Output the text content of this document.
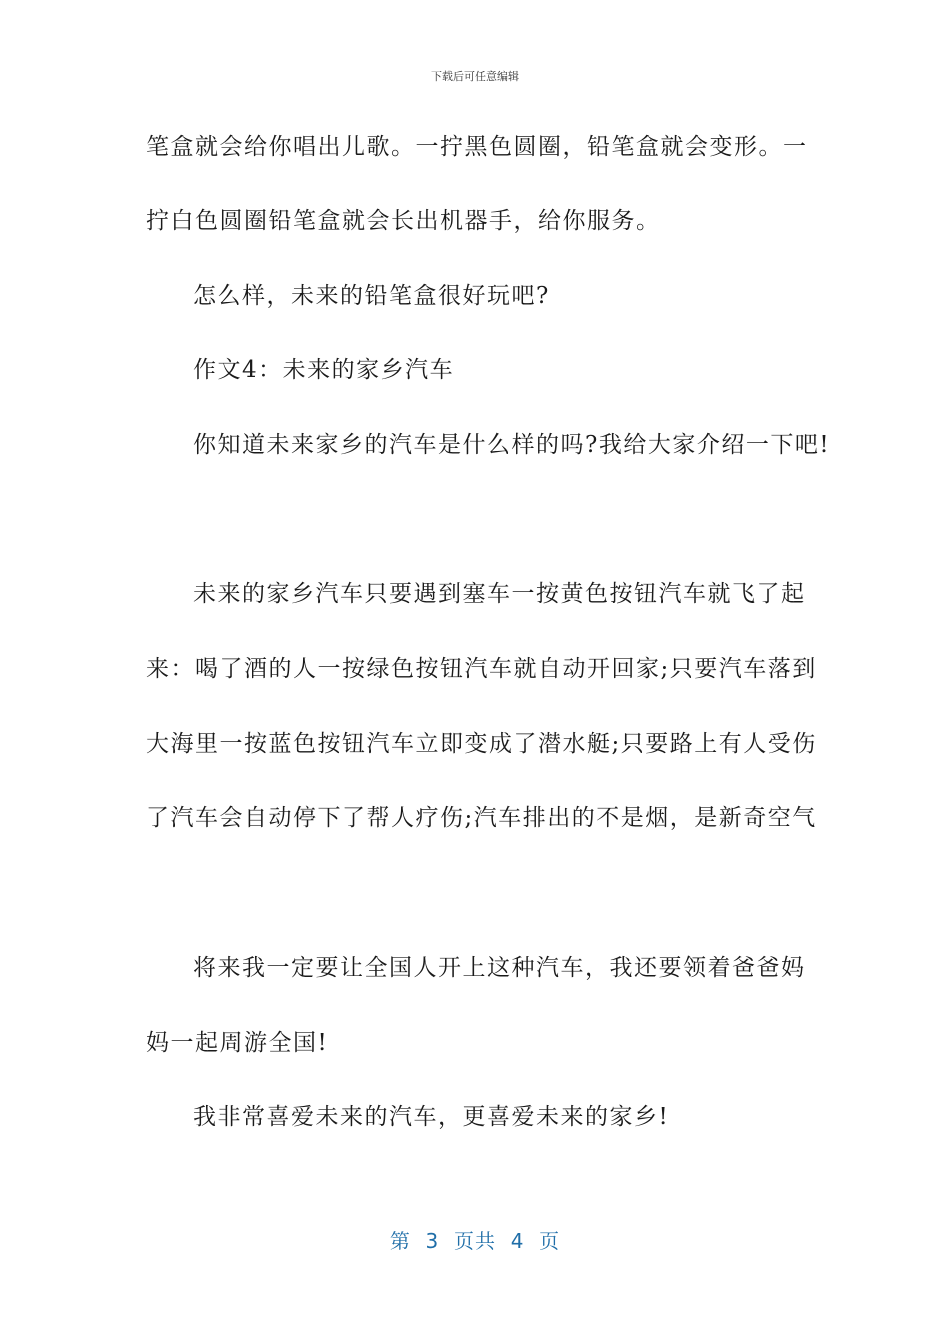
下载后可任意编辑
笔盒就会给你唱出儿歌。一拧黑色圆圈，铅笔盒就会变形。一
拧白色圆圈铅笔盒就会长出机器手，给你服务。
怎么样，未来的铅笔盒很好玩吧?
作文4：未来的家乡汽车
你知道未来家乡的汽车是什么样的吗?我给大家介绍一下吧!
未来的家乡汽车只要遇到塞车一按黄色按钮汽车就飞了起
来：喝了酒的人一按绿色按钮汽车就自动开回家;只要汽车落到
大海里一按蓝色按钮汽车立即变成了潜水艇;只要路上有人受伤
了汽车会自动停下了帮人疗伤;汽车排出的不是烟，是新奇空气
将来我一定要让全国人开上这种汽车，我还要领着爸爸妈
妈一起周游全国!
我非常喜爱未来的汽车，更喜爱未来的家乡!
第  3  页共  4  页
